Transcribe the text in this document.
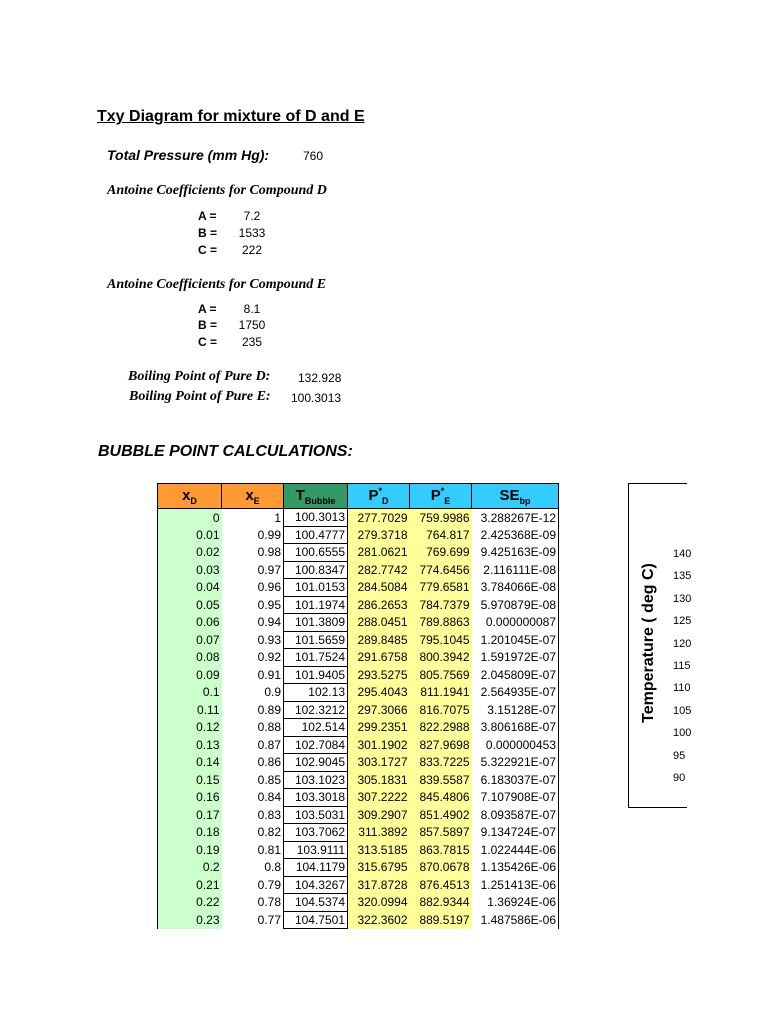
Txy Diagram for mixture of D and E
Total Pressure (mm Hg):	760
Antoine Coefficients for Compound D
A =	7.2
B =	1533
C =	222
Antoine Coefficients for Compound E
A =	8.1
B =	1750
C =	235
Boiling Point of Pure D: 132.928
Boiling Point of Pure E: 100.3013
BUBBLE POINT CALCULATIONS:
$x_D$	$x_E$	$T_{Bubble}$	$P^*_D$	$P^*_E$	$SE_{bp}$
0	1	100.3013	277.7029	759.9986	3.288267E-12
0.01	0.99	100.4777	279.3718	764.817	2.425368E-09
0.02	0.98	100.6555	281.0621	769.699	9.425163E-09
0.03	0.97	100.8347	282.7742	774.6456	2.116111E-08
0.04	0.96	101.0153	284.5084	779.6581	3.784066E-08
0.05	0.95	101.1974	286.2653	784.7379	5.970879E-08
0.06	0.94	101.3809	288.0451	789.8863	0.000000087
0.07	0.93	101.5659	289.8485	795.1045	1.201045E-07
0.08	0.92	101.7524	291.6758	800.3942	1.591972E-07
0.09	0.91	101.9405	293.5275	805.7569	2.045809E-07
0.1	0.9	102.13	295.4043	811.1941	2.564935E-07
0.11	0.89	102.3212	297.3066	816.7075	3.15128E-07
0.12	0.88	102.514	299.2351	822.2988	3.806168E-07
0.13	0.87	102.7084	301.1902	827.9698	0.000000453
0.14	0.86	102.9045	303.1727	833.7225	5.322921E-07
0.15	0.85	103.1023	305.1831	839.5587	6.183037E-07
0.16	0.84	103.3018	307.2222	845.4806	7.107908E-07
0.17	0.83	103.5031	309.2907	851.4902	8.093587E-07
0.18	0.82	103.7062	311.3892	857.5897	9.134724E-07
0.19	0.81	103.9111	313.5185	863.7815	1.022444E-06
0.2	0.8	104.1179	315.6795	870.0678	1.135426E-06
0.21	0.79	104.3267	317.8728	876.4513	1.251413E-06
0.22	0.78	104.5374	320.0994	882.9344	1.36924E-06
0.23	0.77	104.7501	322.3602	889.5197	1.487586E-06
Temperature ( deg C)
140
135
130
125
120
115
110
105
100
95
90
